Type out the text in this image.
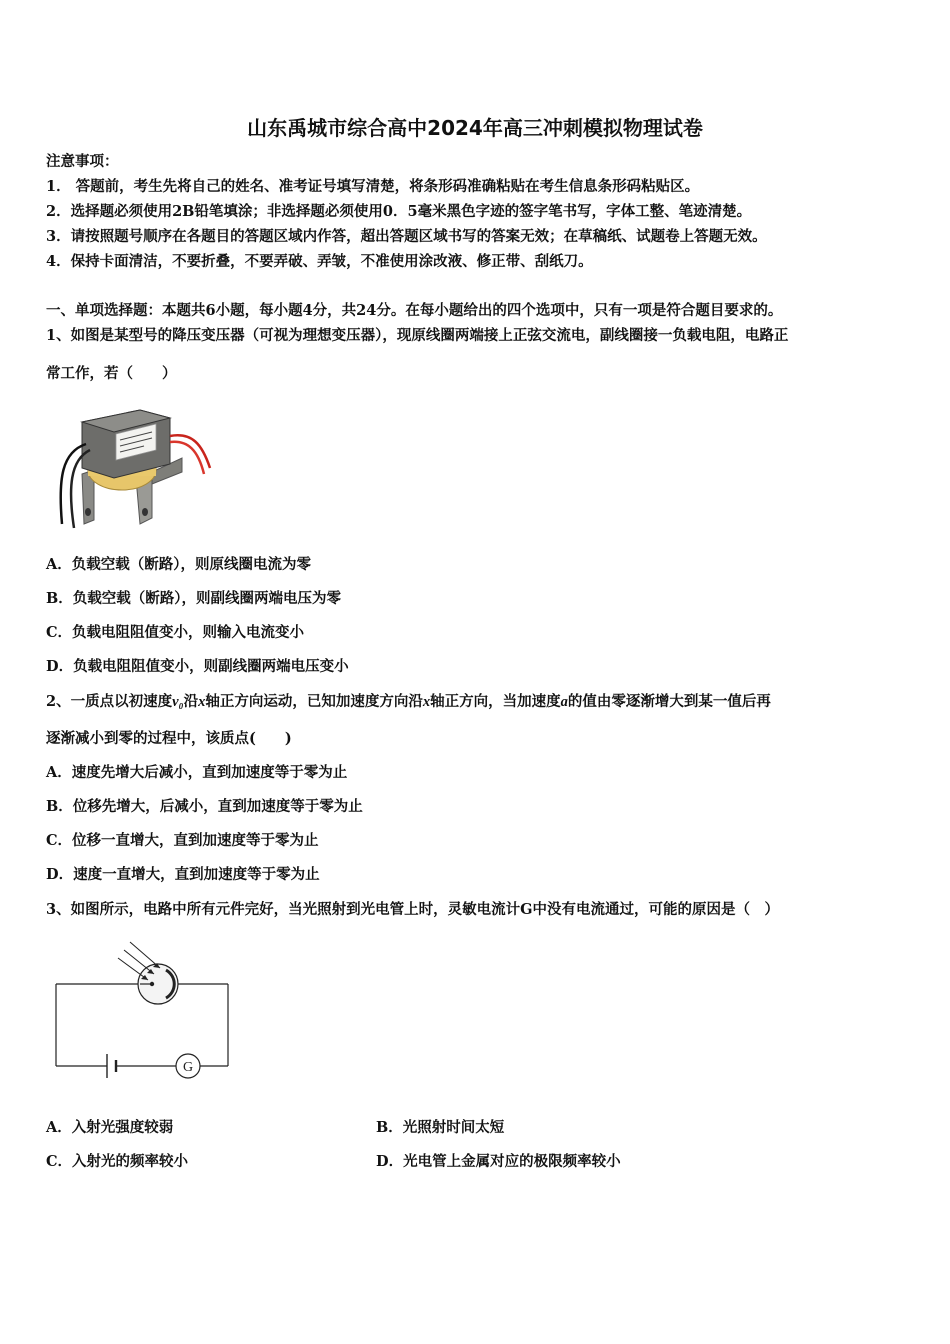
山东禹城市综合高中2024年高三冲刺模拟物理试卷
注意事项：
1． 答题前，考生先将自己的姓名、准考证号填写清楚，将条形码准确粘贴在考生信息条形码粘贴区。
2．选择题必须使用2B铅笔填涂；非选择题必须使用0．5毫米黑色字迹的签字笔书写，字体工整、笔迹清楚。
3．请按照题号顺序在各题目的答题区域内作答，超出答题区域书写的答案无效；在草稿纸、试题卷上答题无效。
4．保持卡面清洁，不要折叠，不要弄破、弄皱，不准使用涂改液、修正带、刮纸刀。
一、单项选择题：本题共6小题，每小题4分，共24分。在每小题给出的四个选项中，只有一项是符合题目要求的。
1、如图是某型号的降压变压器（可视为理想变压器），现原线圈两端接上正弦交流电，副线圈接一负载电阻，电路正
常工作，若（　　）
A．负载空载（断路），则原线圈电流为零
B．负载空载（断路），则副线圈两端电压为零
C．负载电阻阻值变小，则输入电流变小
D．负载电阻阻值变小，则副线圈两端电压变小
2、一质点以初速度v₀沿x轴正方向运动，已知加速度方向沿x轴正方向，当加速度a的值由零逐渐增大到某一值后再
逐渐减小到零的过程中，该质点(　　)
A．速度先增大后减小，直到加速度等于零为止
B．位移先增大，后减小，直到加速度等于零为止
C．位移一直增大，直到加速度等于零为止
D．速度一直增大，直到加速度等于零为止
3、如图所示，电路中所有元件完好，当光照射到光电管上时，灵敏电流计G中没有电流通过，可能的原因是（　）
G
A．入射光强度较弱	B．光照射时间太短
C．入射光的频率较小	D．光电管上金属对应的极限频率较小
